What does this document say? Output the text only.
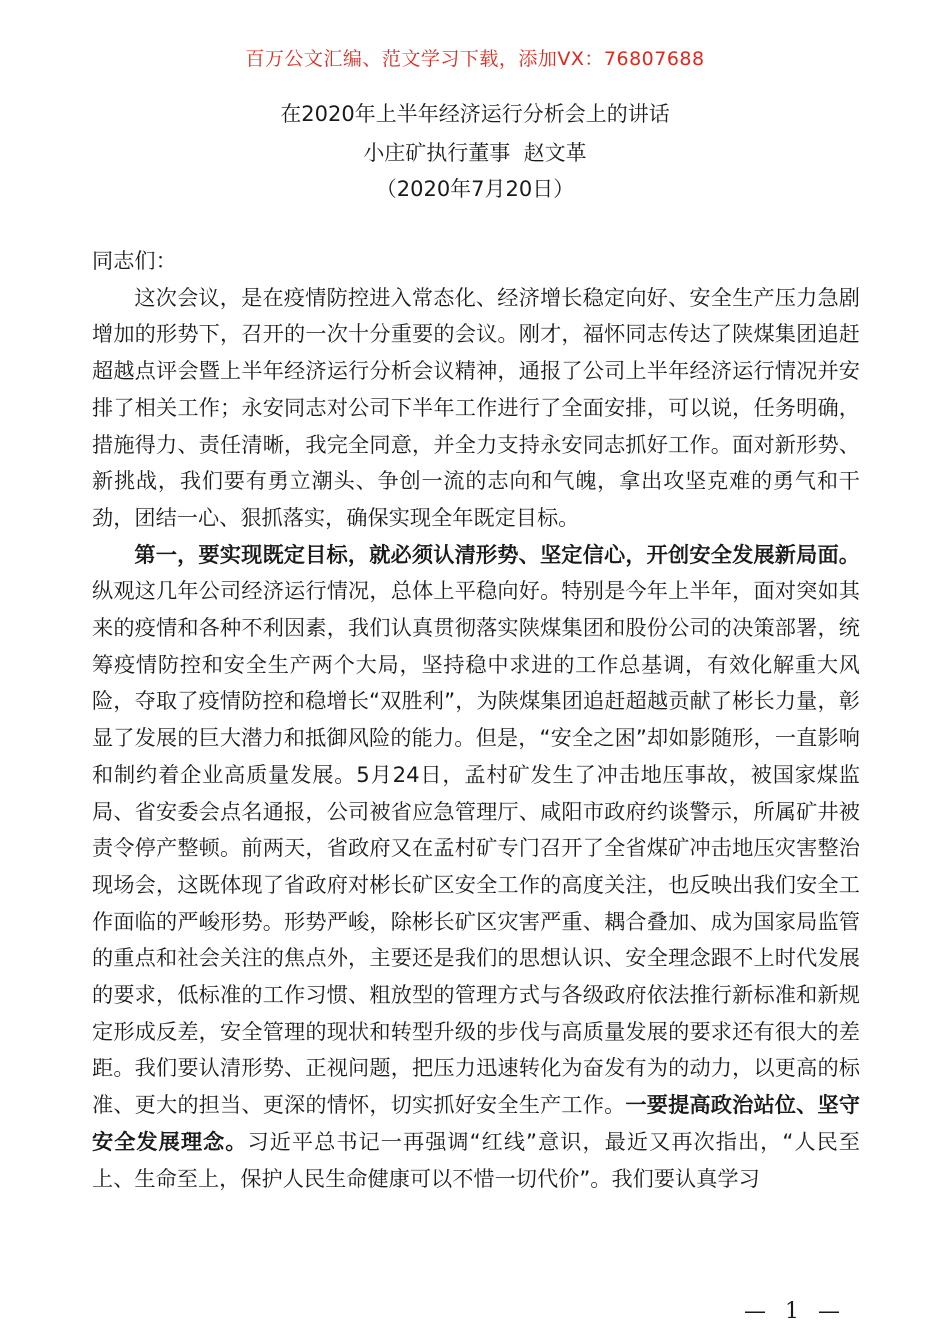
百万公文汇编、范文学习下载，添加VX：76807688
在2020年上半年经济运行分析会上的讲话
小庄矿执行董事  赵文革
（2020年7月20日）

同志们：

这次会议，是在疫情防控进入常态化、经济增长稳定向好、安全生产压力急剧增加的形势下，召开的一次十分重要的会议。刚才，福怀同志传达了陕煤集团追赶超越点评会暨上半年经济运行分析会议精神，通报了公司上半年经济运行情况并安排了相关工作；永安同志对公司下半年工作进行了全面安排，可以说，任务明确，措施得力、责任清晰，我完全同意，并全力支持永安同志抓好工作。面对新形势、新挑战，我们要有勇立潮头、争创一流的志向和气魄，拿出攻坚克难的勇气和干劲，团结一心、狠抓落实，确保实现全年既定目标。

第一，要实现既定目标，就必须认清形势、坚定信心，开创安全发展新局面。纵观这几年公司经济运行情况，总体上平稳向好。特别是今年上半年，面对突如其来的疫情和各种不利因素，我们认真贯彻落实陕煤集团和股份公司的决策部署，统筹疫情防控和安全生产两个大局，坚持稳中求进的工作总基调，有效化解重大风险，夺取了疫情防控和稳增长“双胜利”，为陕煤集团追赶超越贡献了彬长力量，彰显了发展的巨大潜力和抵御风险的能力。但是，“安全之困”却如影随形，一直影响和制约着企业高质量发展。5月24日，孟村矿发生了冲击地压事故，被国家煤监局、省安委会点名通报，公司被省应急管理厅、咸阳市政府约谈警示，所属矿井被责令停产整顿。前两天，省政府又在孟村矿专门召开了全省煤矿冲击地压灾害整治现场会，这既体现了省政府对彬长矿区安全工作的高度关注，也反映出我们安全工作面临的严峻形势。形势严峻，除彬长矿区灾害严重、耦合叠加、成为国家局监管的重点和社会关注的焦点外，主要还是我们的思想认识、安全理念跟不上时代发展的要求，低标准的工作习惯、粗放型的管理方式与各级政府依法推行新标准和新规定形成反差，安全管理的现状和转型升级的步伐与高质量发展的要求还有很大的差距。我们要认清形势、正视问题，把压力迅速转化为奋发有为的动力，以更高的标准、更大的担当、更深的情怀，切实抓好安全生产工作。一要提高政治站位、坚守安全发展理念。习近平总书记一再强调“红线”意识，最近又再次指出，“人民至上、生命至上，保护人民生命健康可以不惜一切代价”。我们要认真学习

— 1 —
